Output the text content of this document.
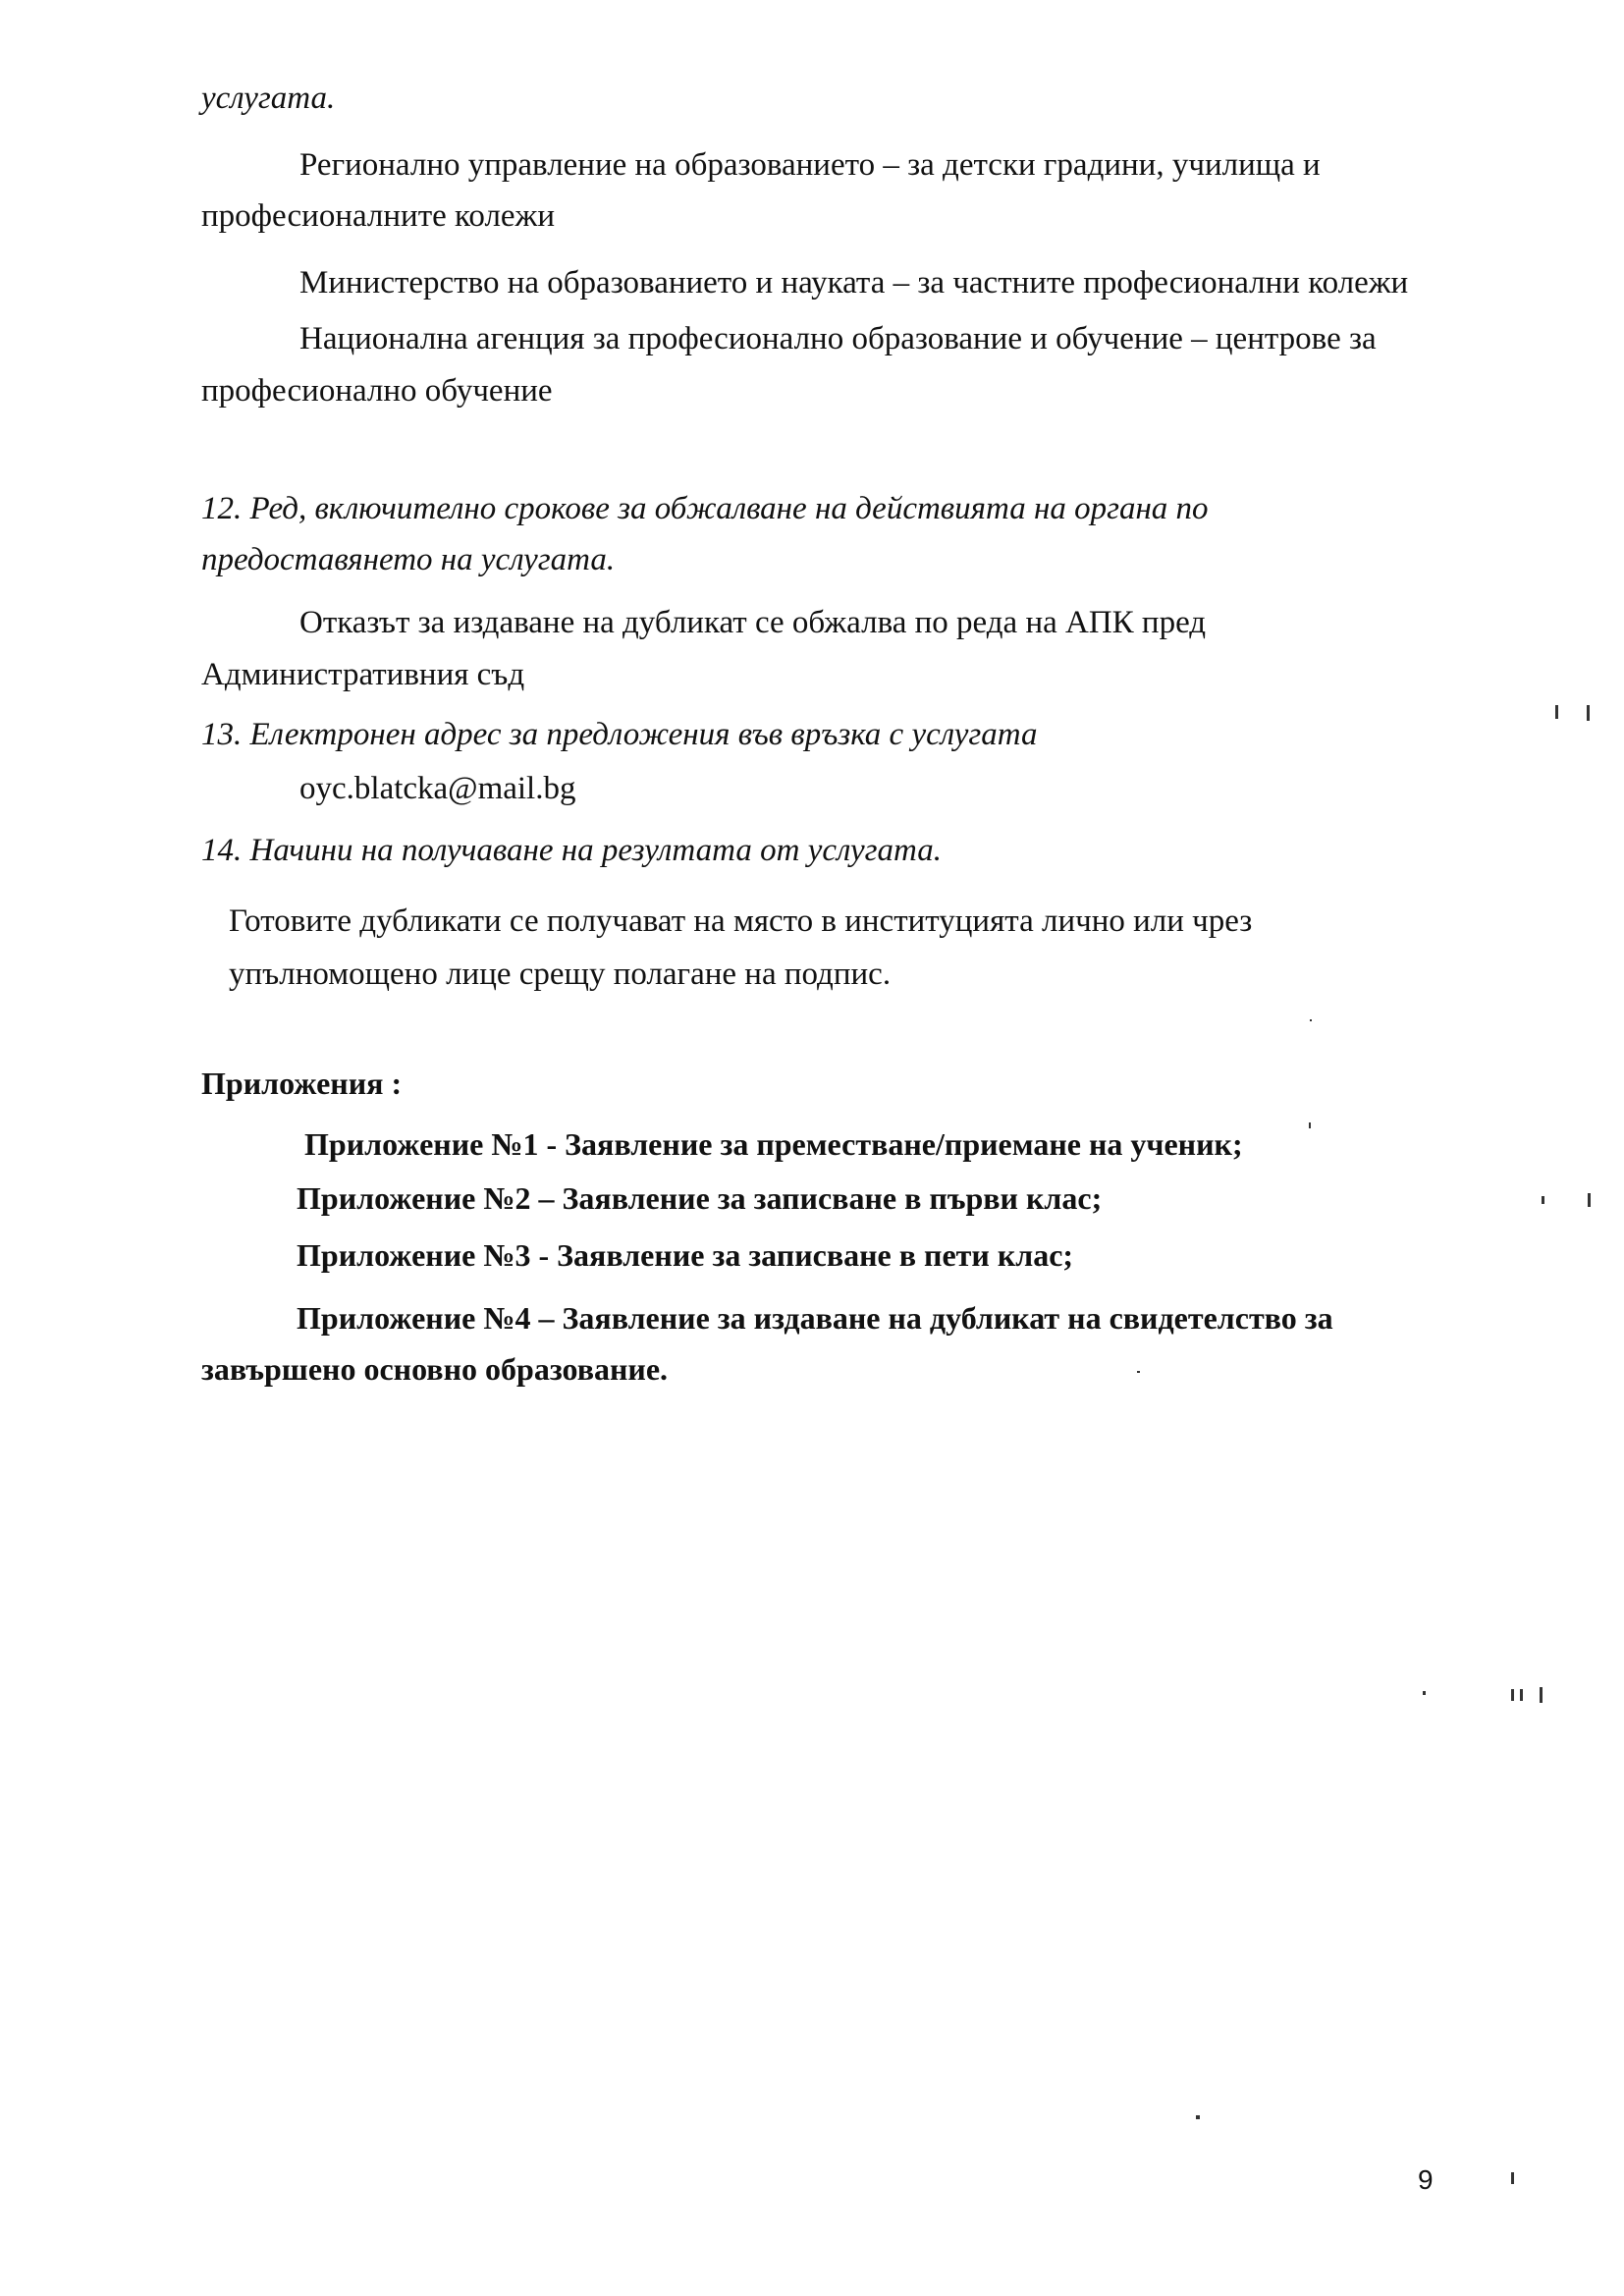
услугата.
Регионално управление на образованието – за детски градини, училища и
професионалните колежи
Министерство на образованието и науката – за частните професионални колежи
Национална агенция за професионално образование и обучение – центрове за
професионално обучение
12. Ред, включително срокове за обжалване на действията на органа по
предоставянето на услугата.
Отказът за издаване на дубликат се обжалва по реда на АПК пред
Административния съд
13. Електронен адрес за предложения във връзка с услугата
oyc.blatcka@mail.bg
14. Начини на получаване на резултата от услугата.
Готовите дубликати се получават на място в институцията лично или чрез
упълномощено лице срещу полагане на подпис.
Приложения :
Приложение №1 - Заявление за преместване/приемане на ученик;
Приложение №2 – Заявление за записване в първи клас;
Приложение №3 - Заявление за записване в пети клас;
Приложение №4 – Заявление за издаване на дубликат на свидетелство за
завършено основно образование.
9
